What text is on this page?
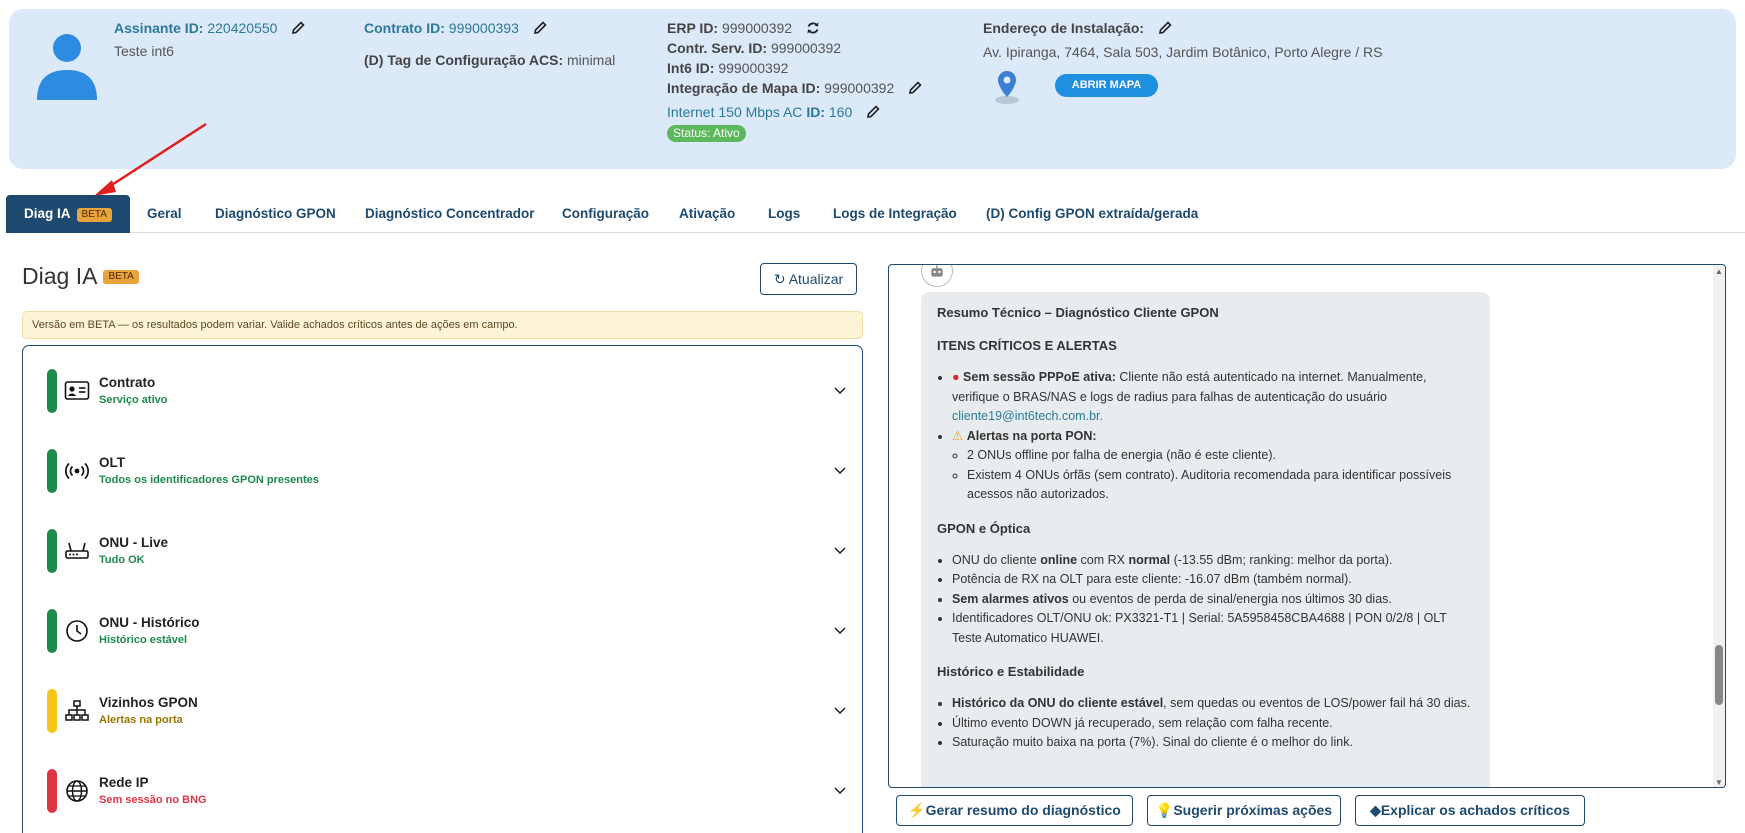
Assinante ID: 220420550
Teste int6
Contrato ID: 999000393
(D) Tag de Configuração ACS: minimal
ERP ID: 999000392
Contr. Serv. ID: 999000392
Int6 ID: 999000392
Integração de Mapa ID: 999000392
Internet 150 Mbps AC ID: 160
Status: Ativo
Endereço de Instalação:
Av. Ipiranga, 7464, Sala 503, Jardim Botânico, Porto Alegre / RS
ABRIR MAPA
Diag IA BETA	Geral Diagnóstico GPON Diagnóstico Concentrador Configuração Ativação Logs Logs de Integração (D) Config GPON extraída/gerada
Diag IA BETA	↻ Atualizar
Versão em BETA — os resultados podem variar. Valide achados críticos antes de ações em campo.
Contrato
Serviço ativo
OLT
Todos os identificadores GPON presentes
ONU - Live
Tudo OK
ONU - Histórico
Histórico estável
Vizinhos GPON
Alertas na porta
Rede IP
Sem sessão no BNG
Resumo Técnico – Diagnóstico Cliente GPON
ITENS CRÍTICOS E ALERTAS
• ● Sem sessão PPPoE ativa: Cliente não está autenticado na internet. Manualmente, verifique o BRAS/NAS e logs de radius para falhas de autenticação do usuário cliente19@int6tech.com.br.
• ⚠ Alertas na porta PON:
◦ 2 ONUs offline por falha de energia (não é este cliente).
◦ Existem 4 ONUs órfãs (sem contrato). Auditoria recomendada para identificar possíveis acessos não autorizados.
GPON e Óptica
• ONU do cliente online com RX normal (-13.55 dBm; ranking: melhor da porta).
• Potência de RX na OLT para este cliente: -16.07 dBm (também normal).
• Sem alarmes ativos ou eventos de perda de sinal/energia nos últimos 30 dias.
• Identificadores OLT/ONU ok: PX3321-T1 | Serial: 5A5958458CBA4688 | PON 0/2/8 | OLT Teste Automatico HUAWEI.
Histórico e Estabilidade
• Histórico da ONU do cliente estável, sem quedas ou eventos de LOS/power fail há 30 dias.
• Último evento DOWN já recuperado, sem relação com falha recente.
• Saturação muito baixa na porta (7%). Sinal do cliente é o melhor do link.
▲
▼
⚡Gerar resumo do diagnóstico	💡Sugerir próximas ações	◆Explicar os achados críticos
